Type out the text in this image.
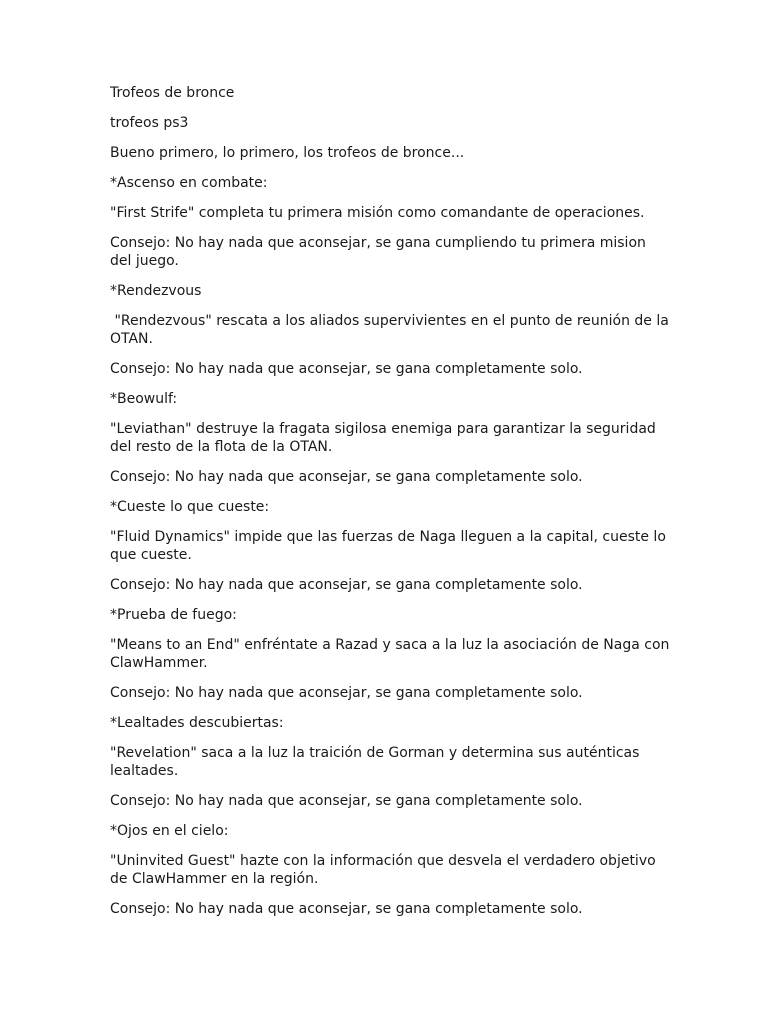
Trofeos de bronce

trofeos ps3

Bueno primero, lo primero, los trofeos de bronce...

*Ascenso en combate:

"First Strife" completa tu primera misión como comandante de operaciones.

Consejo: No hay nada que aconsejar, se gana cumpliendo tu primera mision del juego.

*Rendezvous

"Rendezvous" rescata a los aliados supervivientes en el punto de reunión de la OTAN.

Consejo: No hay nada que aconsejar, se gana completamente solo.

*Beowulf:

"Leviathan" destruye la fragata sigilosa enemiga para garantizar la seguridad del resto de la flota de la OTAN.

Consejo: No hay nada que aconsejar, se gana completamente solo.

*Cueste lo que cueste:

"Fluid Dynamics" impide que las fuerzas de Naga lleguen a la capital, cueste lo que cueste.

Consejo: No hay nada que aconsejar, se gana completamente solo.

*Prueba de fuego:

"Means to an End" enfréntate a Razad y saca a la luz la asociación de Naga con ClawHammer.

Consejo: No hay nada que aconsejar, se gana completamente solo.

*Lealtades descubiertas:

"Revelation" saca a la luz la traición de Gorman y determina sus auténticas lealtades.

Consejo: No hay nada que aconsejar, se gana completamente solo.

*Ojos en el cielo:

"Uninvited Guest" hazte con la información que desvela el verdadero objetivo de ClawHammer en la región.

Consejo: No hay nada que aconsejar, se gana completamente solo.
